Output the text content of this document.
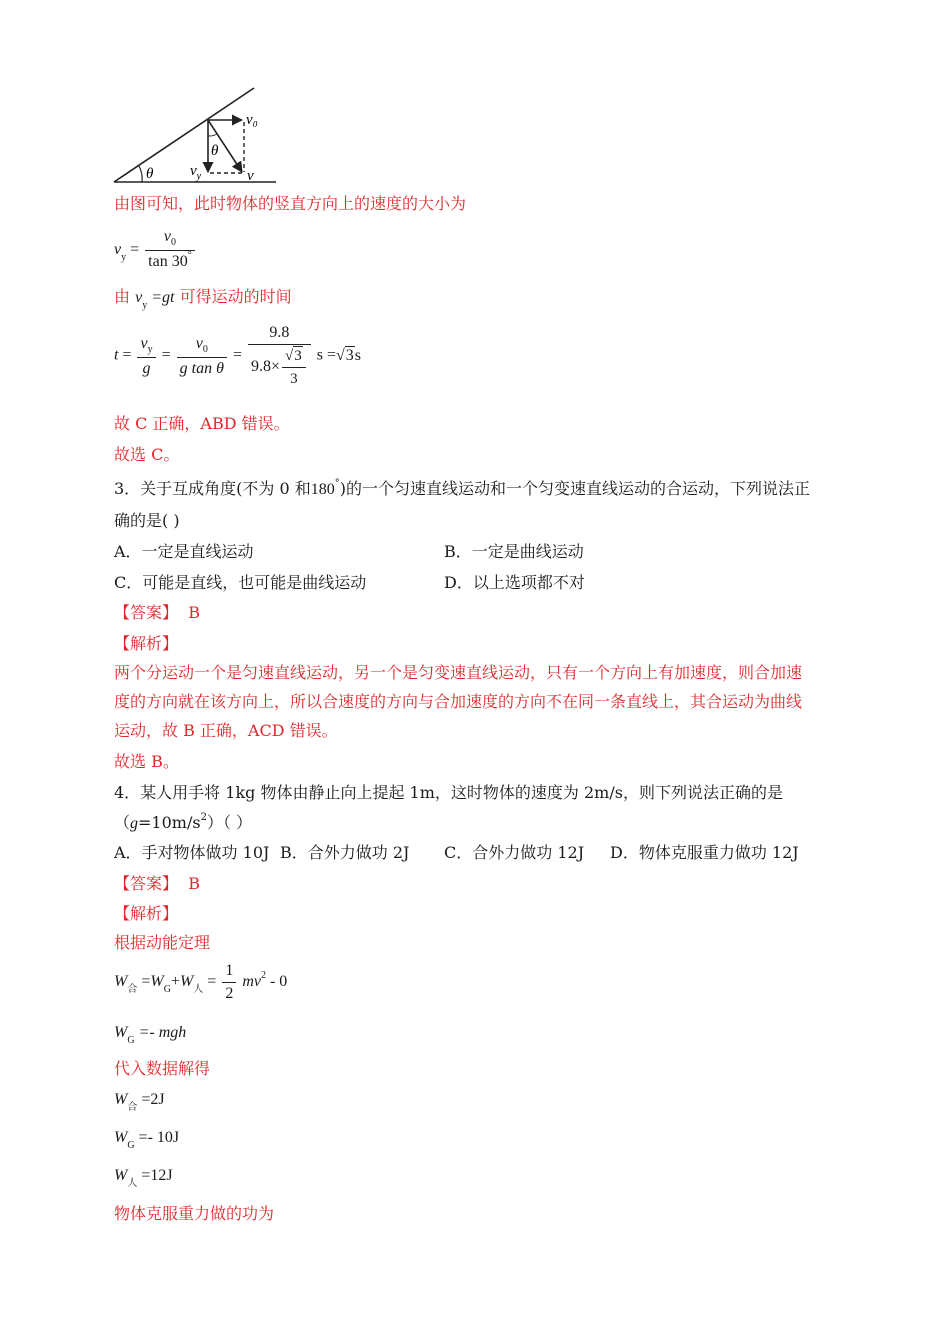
v₀
θ
θ $v_y$	v
由图可知，此时物体的竖直方向上的速度的大小为
$v_y = \frac{v_0}{\tan 30^\circ}$
由 $v_y =gt$ 可得运动的时间
$t = \frac{v_y}{g} = \frac{v_0}{\text{g tan θ}} = \frac{9.8}{9.8\times \frac{√3}{3}}$ s =√3s
故 C 正确，ABD 错误。
故选 C。
3．关于互成角度(不为 0 和180°)的一个匀速直线运动和一个匀变速直线运动的合运动，下列说法正
确的是( )
A．一定是直线运动	B．一定是曲线运动
C．可能是直线，也可能是曲线运动	D．以上选项都不对
【答案】 B
【解析】
两个分运动一个是匀速直线运动，另一个是匀变速直线运动，只有一个方向上有加速度，则合加速
度的方向就在该方向上，所以合速度的方向与合加速度的方向不在同一条直线上，其合运动为曲线
运动，故 B 正确，ACD 错误。
故选 B。
4．某人用手将 1kg 物体由静止向上提起 1m，这时物体的速度为 2m/s，则下列说法正确的是
$(g=10m/s^2)$（ ）
A．手对物体做功 10J B．合外力做功 2J C．合外力做功 12J D．物体克服重力做功 12J
【答案】 B
【解析】
根据动能定理
$W_合 =W_G+W_人 = \frac{1}{2} mv^2 - 0$
$W_G$ =- mgh
代入数据解得
$W_合 =2J$
$W_G =- 10J$
$W_人 =12J$
物体克服重力做的功为
